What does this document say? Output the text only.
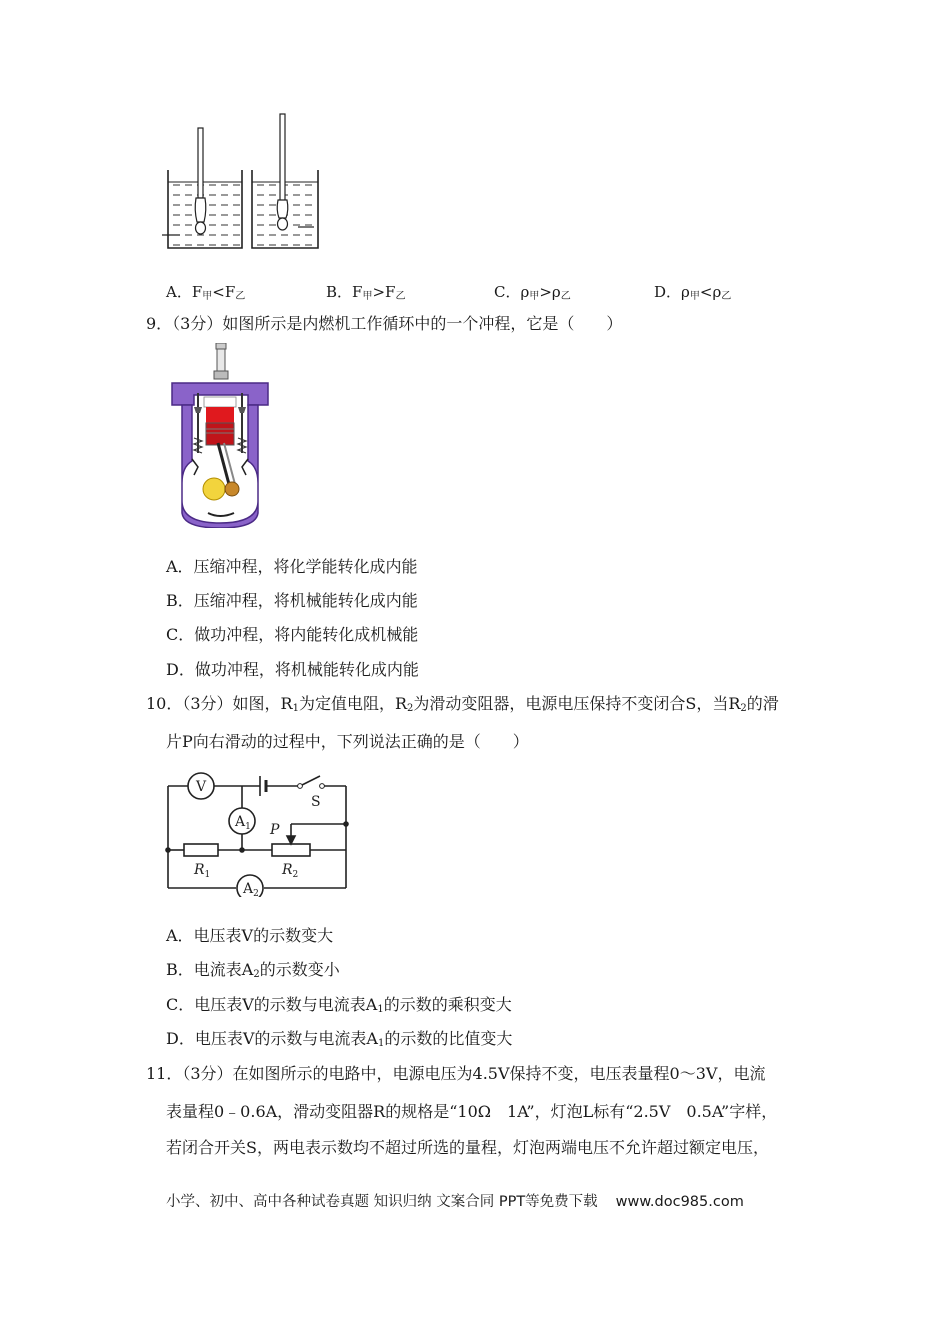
A．$F_甲<F_乙$	B．$F_甲>F_乙$	C．$\rho_甲>\rho_乙$	D．$\rho_甲<\rho_乙$
9．（3分）如图所示是内燃机工作循环中的一个冲程，它是（　　）
A．压缩冲程，将化学能转化成内能
B．压缩冲程，将机械能转化成内能
C．做功冲程，将内能转化成机械能
D．做功冲程，将机械能转化成内能
10．（3分）如图，$R_1$为定值电阻，$R_2$为滑动变阻器，电源电压保持不变闭合S，当$R_2$的滑
片P向右滑动的过程中，下列说法正确的是（　　）
V
$A_1$
$A_2$
S
P
$R_1$	$R_2$
A．电压表V的示数变大
B．电流表$A_2$的示数变小
C．电压表V的示数与电流表$A_1$的示数的乘积变大
D．电压表V的示数与电流表$A_1$的示数的比值变大
11．（3分）在如图所示的电路中，电源电压为4.5V保持不变，电压表量程0～3V，电流
表量程0﹣0.6A，滑动变阻器R的规格是“10Ω　1A”，灯泡L标有“2.5V　0.5A”字样，
若闭合开关S，两电表示数均不超过所选的量程，灯泡两端电压不允许超过额定电压，
小学、初中、高中各种试卷真题 知识归纳 文案合同 PPT等免费下载 www.doc985.com
